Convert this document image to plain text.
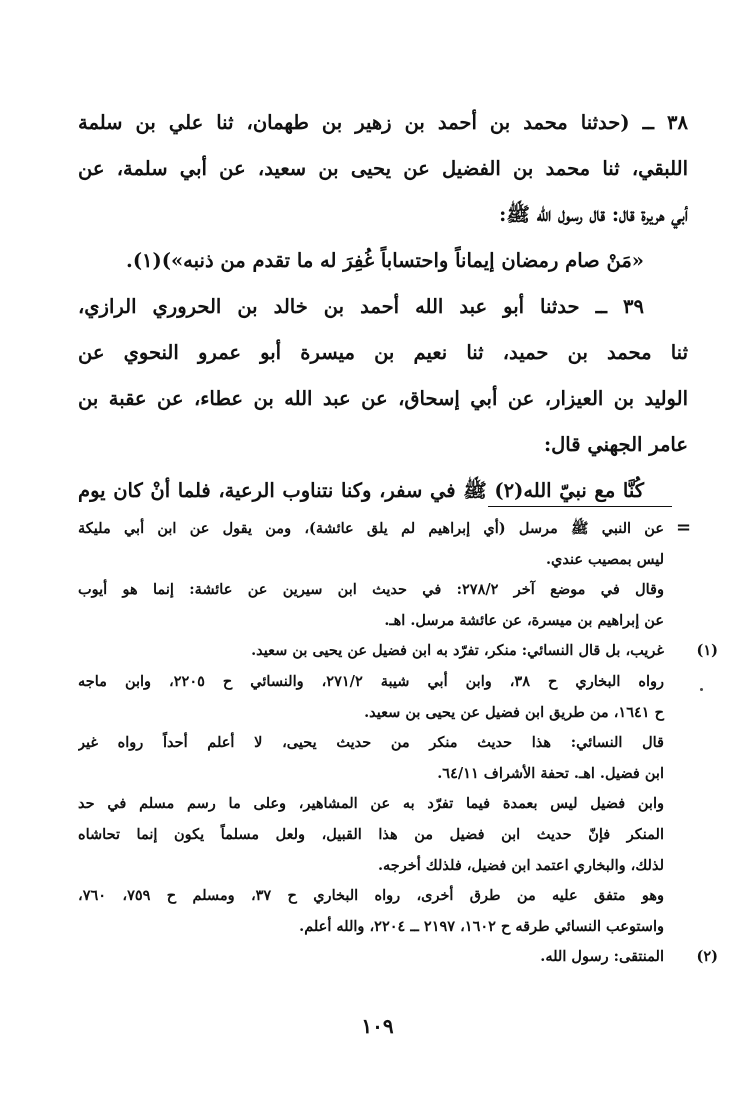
٣٨ ــ (حدثنا محمد بن أحمد بن زهير بن طهمان، ثنا علي بن سلمة
اللبقي، ثنا محمد بن الفضيل عن يحيى بن سعيد، عن أبي سلمة، عن
أبي هريرة قال: قال رسول الله ﷺ:
«مَنْ صام رمضان إيماناً واحتساباً غُفِرَ له ما تقدم من ذنبه»)(١).
٣٩ ــ حدثنا أبو عبد الله أحمد بن خالد بن الحروري الرازي،
ثنا محمد بن حميد، ثنا نعيم بن ميسرة أبو عمرو النحوي عن
الوليد بن العيزار، عن أبي إسحاق، عن عبد الله بن عطاء، عن عقبة بن
عامر الجهني قال:
كُنَّا مع نبيّ الله(٢) ﷺ في سفر، وكنا نتناوب الرعية، فلما أنْ كان يوم
=
عن النبي ﷺ مرسل (أي إبراهيم لم يلق عائشة)، ومن يقول عن ابن أبي مليكة
ليس بمصيب عندي.
وقال في موضع آخر ٢٧٨/٢: في حديث ابن سيرين عن عائشة: إنما هو أيوب
عن إبراهيم بن ميسرة، عن عائشة مرسل. اهـ.
(١)
غريب، بل قال النسائي: منكر، تفرّد به ابن فضيل عن يحيى بن سعيد.
رواه البخاري ح ٣٨، وابن أبي شيبة ٢٧١/٢، والنسائي ح ٢٢٠٥، وابن ماجه
ح ١٦٤١، من طريق ابن فضيل عن يحيى بن سعيد.
قال النسائي: هذا حديث منكر من حديث يحيى، لا أعلم أحداً رواه غير
ابن فضيل. اهـ. تحفة الأشراف ٦٤/١١.
وابن فضيل ليس بعمدة فيما تفرّد به عن المشاهير، وعلى ما رسم مسلم في حد
المنكر فإنّ حديث ابن فضيل من هذا القبيل، ولعل مسلماً يكون إنما تحاشاه
لذلك، والبخاري اعتمد ابن فضيل، فلذلك أخرجه.
وهو متفق عليه من طرق أخرى، رواه البخاري ح ٣٧، ومسلم ح ٧٥٩، ٧٦٠،
واستوعب النسائي طرقه ح ١٦٠٢، ٢١٩٧ ــ ٢٢٠٤، والله أعلم.
(٢)
المنتقى: رسول الله.
١٠٩
